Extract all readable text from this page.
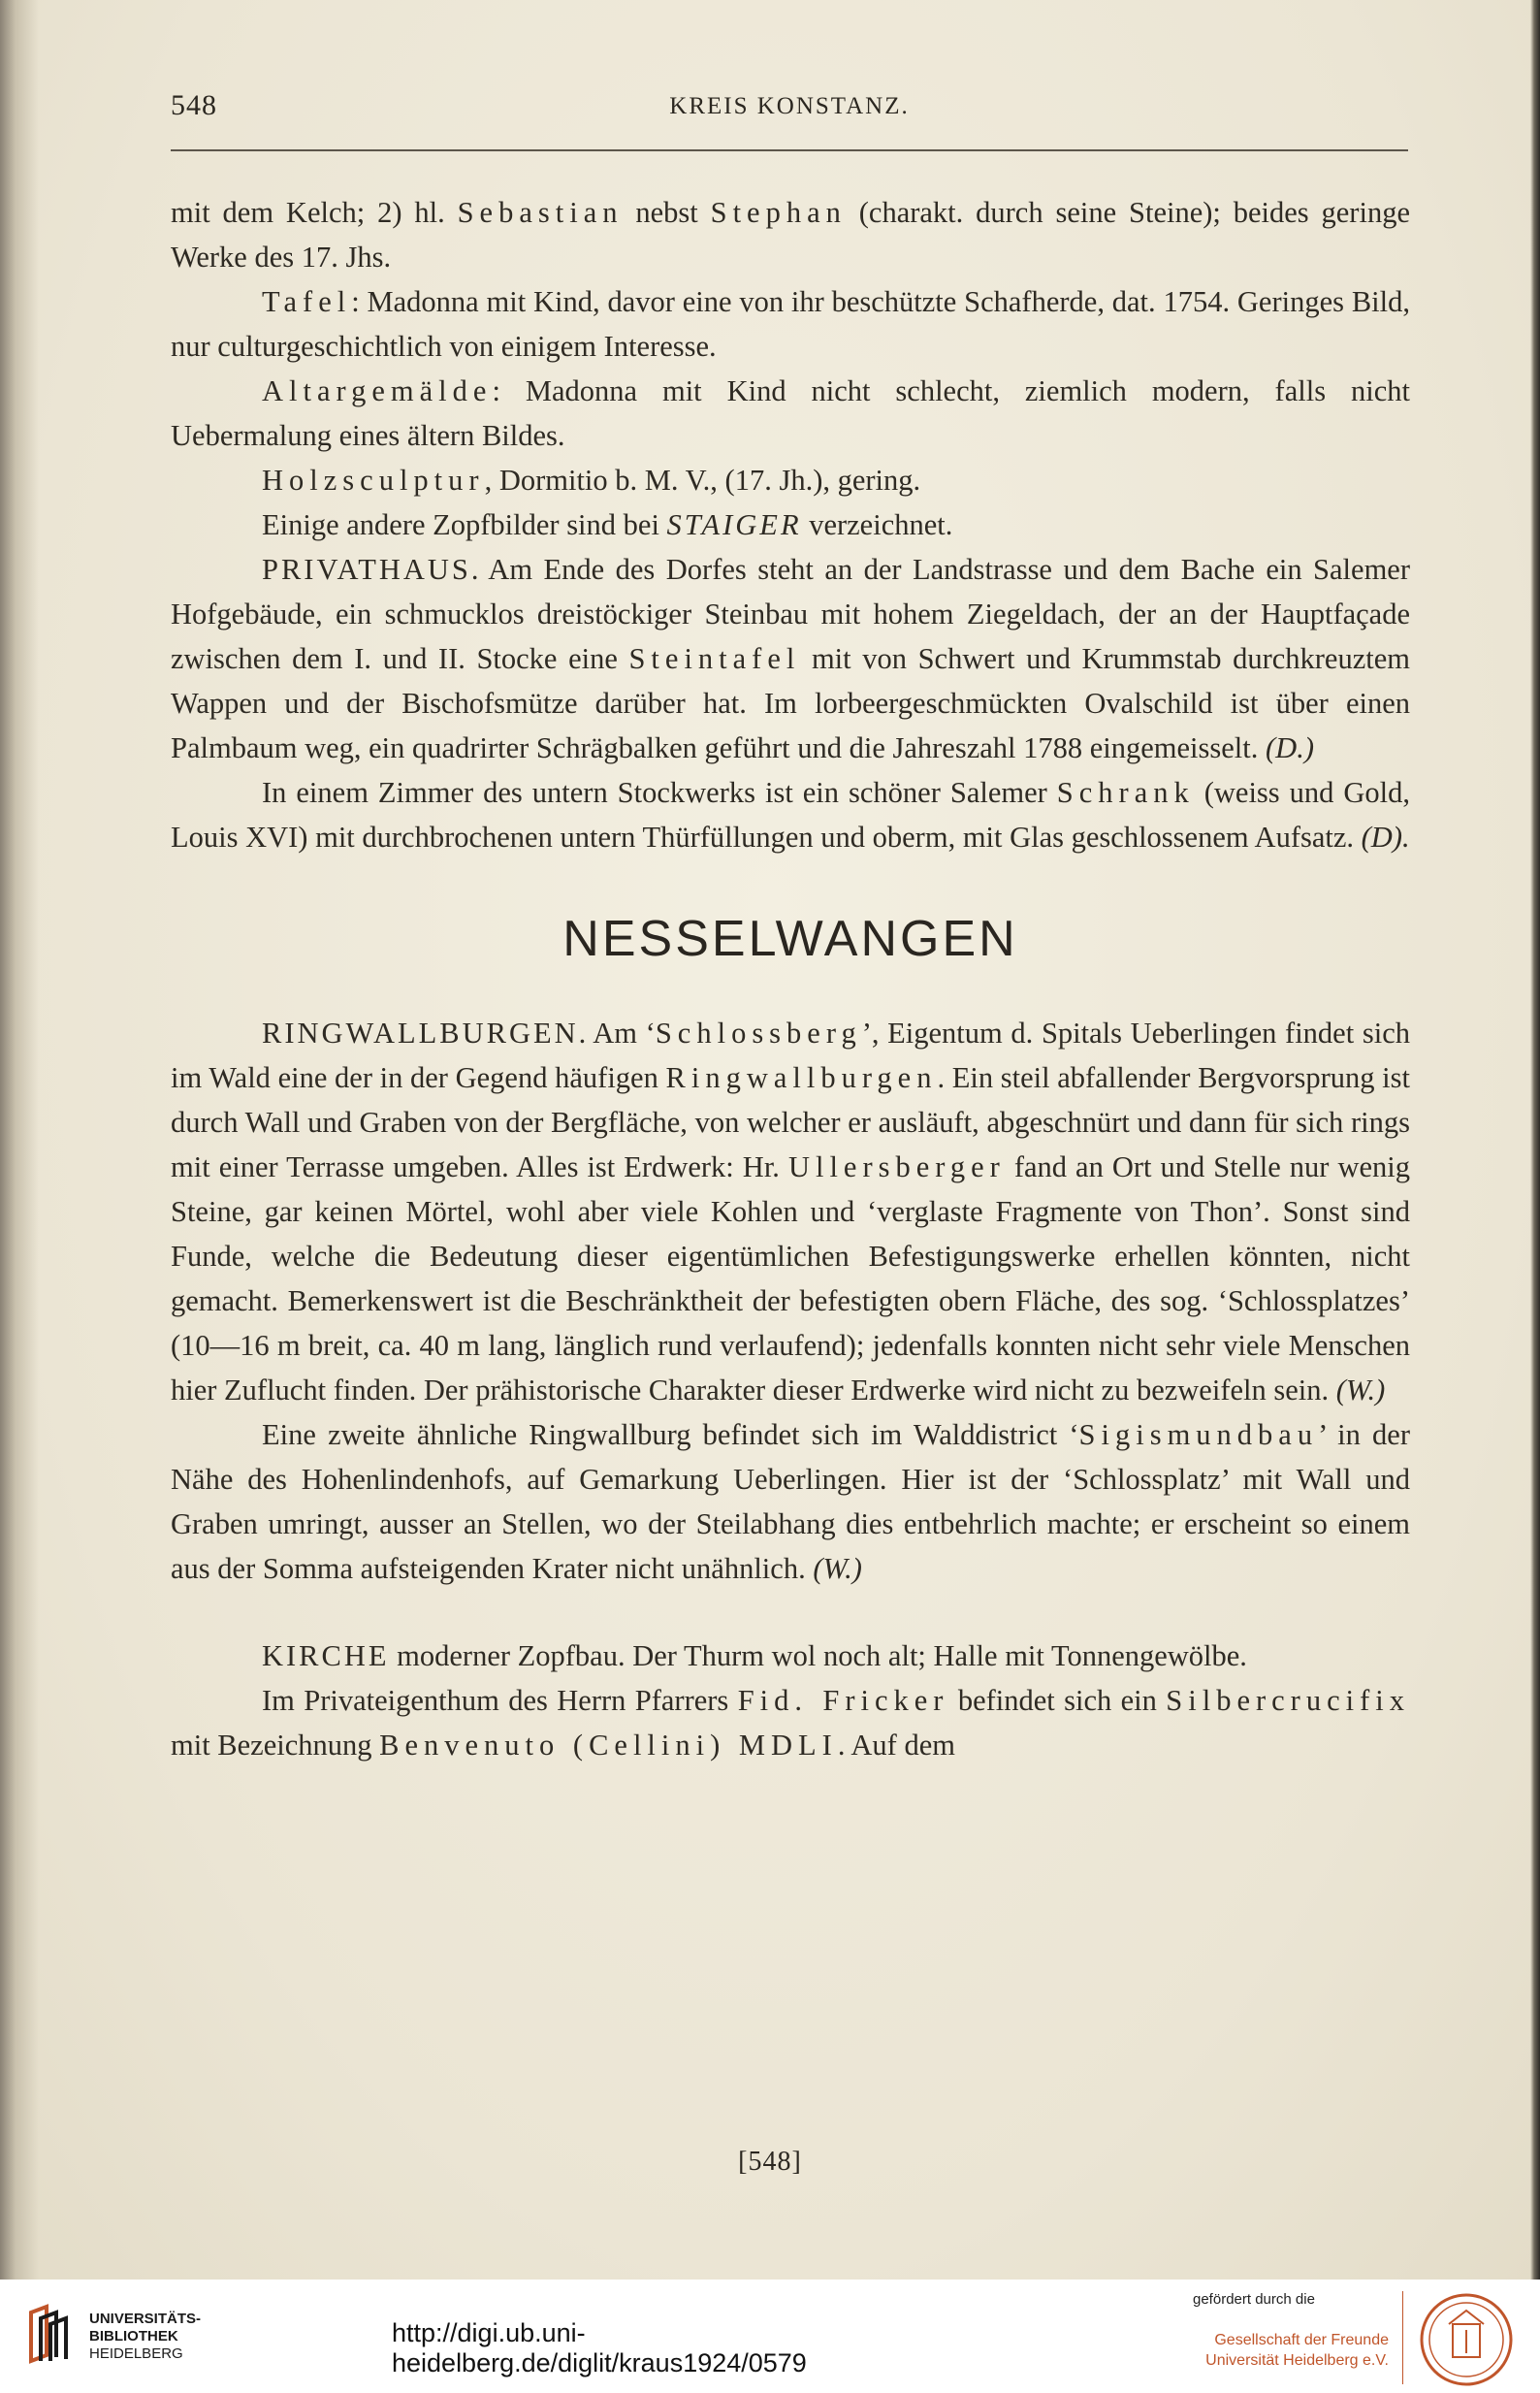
548	KREIS KONSTANZ.

mit dem Kelch; 2) hl. Sebastian nebst Stephan (charakt. durch seine Steine); beides geringe Werke des 17. Jhs.

Tafel: Madonna mit Kind, davor eine von ihr beschützte Schafherde, dat. 1754. Geringes Bild, nur culturgeschichtlich von einigem Interesse.

Altargemälde: Madonna mit Kind nicht schlecht, ziemlich modern, falls nicht Uebermalung eines ältern Bildes.

Holzsculptur, Dormitio b. M. V., (17. Jh.), gering.

Einige andere Zopfbilder sind bei STAIGER verzeichnet.

PRIVATHAUS. Am Ende des Dorfes steht an der Landstrasse und dem Bache ein Salemer Hofgebäude, ein schmucklos dreistöckiger Steinbau mit hohem Ziegeldach, der an der Hauptfaçade zwischen dem I. und II. Stocke eine Steintafel mit von Schwert und Krummstab durchkreuztem Wappen und der Bischofsmütze darüber hat. Im lorbeergeschmückten Ovalschild ist über einen Palmbaum weg, ein quadrirter Schrägbalken geführt und die Jahreszahl 1788 eingemeisselt. (D.)

In einem Zimmer des untern Stockwerks ist ein schöner Salemer Schrank (weiss und Gold, Louis XVI) mit durchbrochenen untern Thürfüllungen und oberm, mit Glas geschlossenem Aufsatz. (D).

NESSELWANGEN

RINGWALLBURGEN. Am ‘Schlossberg’, Eigentum d. Spitals Ueberlingen findet sich im Wald eine der in der Gegend häufigen Ringwallburgen. Ein steil abfallender Bergvorsprung ist durch Wall und Graben von der Bergfläche, von welcher er ausläuft, abgeschnürt und dann für sich rings mit einer Terrasse umgeben. Alles ist Erdwerk: Hr. Ullersberger fand an Ort und Stelle nur wenig Steine, gar keinen Mörtel, wohl aber viele Kohlen und ‘verglaste Fragmente von Thon’. Sonst sind Funde, welche die Bedeutung dieser eigentümlichen Befestigungswerke erhellen könnten, nicht gemacht. Bemerkenswert ist die Beschränktheit der befestigten obern Fläche, des sog. ‘Schlossplatzes’ (10—16 m breit, ca. 40 m lang, länglich rund verlaufend); jedenfalls konnten nicht sehr viele Menschen hier Zuflucht finden. Der prähistorische Charakter dieser Erdwerke wird nicht zu bezweifeln sein. (W.)

Eine zweite ähnliche Ringwallburg befindet sich im Walddistrict ‘Sigismundbau’ in der Nähe des Hohenlindenhofs, auf Gemarkung Ueberlingen. Hier ist der ‘Schlossplatz’ mit Wall und Graben umringt, ausser an Stellen, wo der Steilabhang dies entbehrlich machte; er erscheint so einem aus der Somma aufsteigenden Krater nicht unähnlich. (W.)

KIRCHE moderner Zopfbau. Der Thurm wol noch alt; Halle mit Tonnengewölbe.

Im Privateigenthum des Herrn Pfarrers Fid. Fricker befindet sich ein Silbercrucifix mit Bezeichnung Benvenuto (Cellini) MDLI. Auf dem

[548]
UNIVERSITÄTS-
BIBLIOTHEK
HEIDELBERG
http://digi.ub.uni-heidelberg.de/diglit/kraus1924/0579
gefördert durch die
Gesellschaft der Freunde
Universität Heidelberg e.V.
